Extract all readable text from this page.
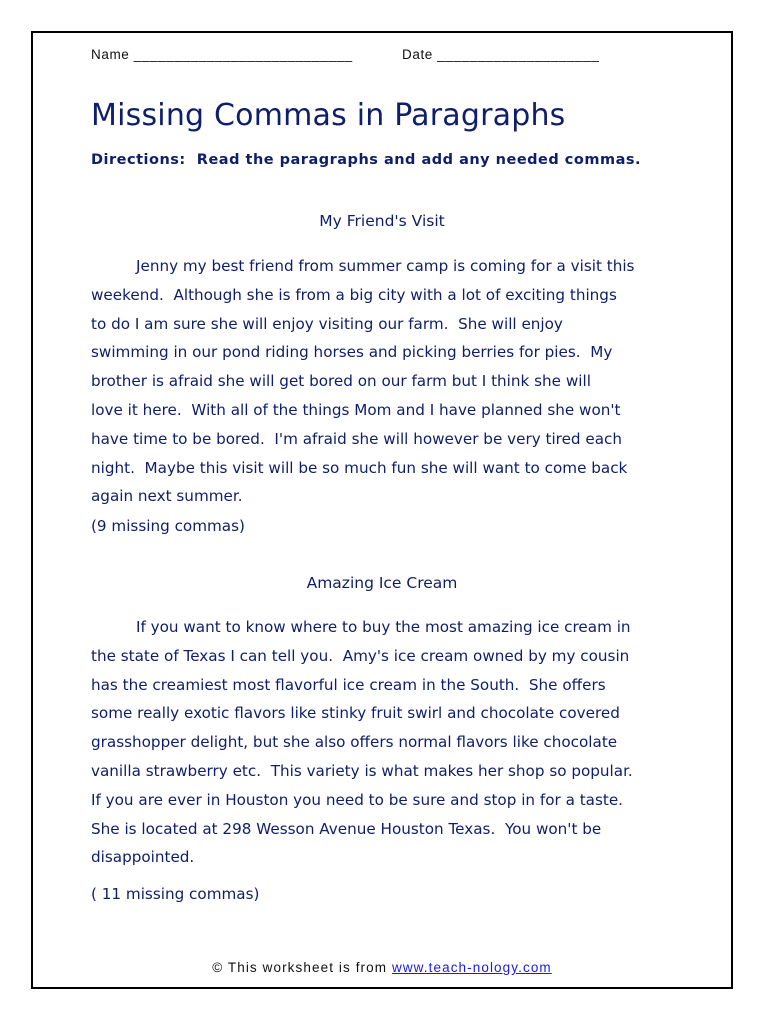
Name ___________________________	Date ____________________
Missing Commas in Paragraphs

Directions:  Read the paragraphs and add any needed commas.

My Friend's Visit
Jenny my best friend from summer camp is coming for a visit this
weekend.  Although she is from a big city with a lot of exciting things
to do I am sure she will enjoy visiting our farm.  She will enjoy
swimming in our pond riding horses and picking berries for pies.  My
brother is afraid she will get bored on our farm but I think she will
love it here.  With all of the things Mom and I have planned she won't
have time to be bored.  I'm afraid she will however be very tired each
night.  Maybe this visit will be so much fun she will want to come back
again next summer.

(9 missing commas)

Amazing Ice Cream
If you want to know where to buy the most amazing ice cream in
the state of Texas I can tell you.  Amy's ice cream owned by my cousin
has the creamiest most flavorful ice cream in the South.  She offers
some really exotic flavors like stinky fruit swirl and chocolate covered
grasshopper delight, but she also offers normal flavors like chocolate
vanilla strawberry etc.  This variety is what makes her shop so popular.
If you are ever in Houston you need to be sure and stop in for a taste.
She is located at 298 Wesson Avenue Houston Texas.  You won't be
disappointed.

( 11 missing commas)

© This worksheet is from www.teach-nology.com
